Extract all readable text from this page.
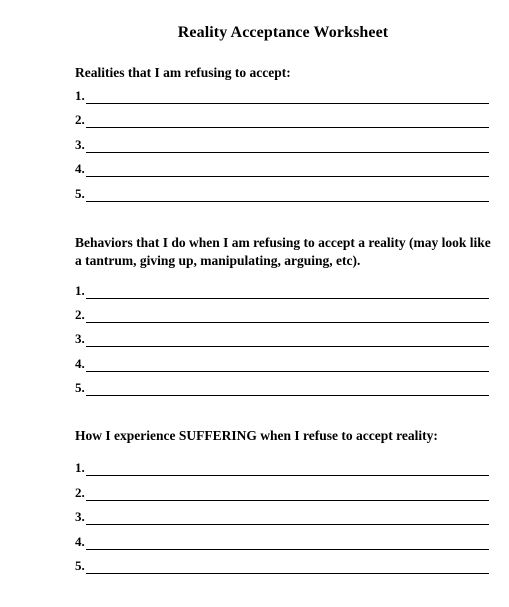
Reality Acceptance Worksheet
Realities that I am refusing to accept:
1.
2.
3.
4.
5.
Behaviors that I do when I am refusing to accept a reality (may look like a tantrum, giving up, manipulating, arguing, etc).
1.
2.
3.
4.
5.
How I experience SUFFERING when I refuse to accept reality:
1.
2.
3.
4.
5.
